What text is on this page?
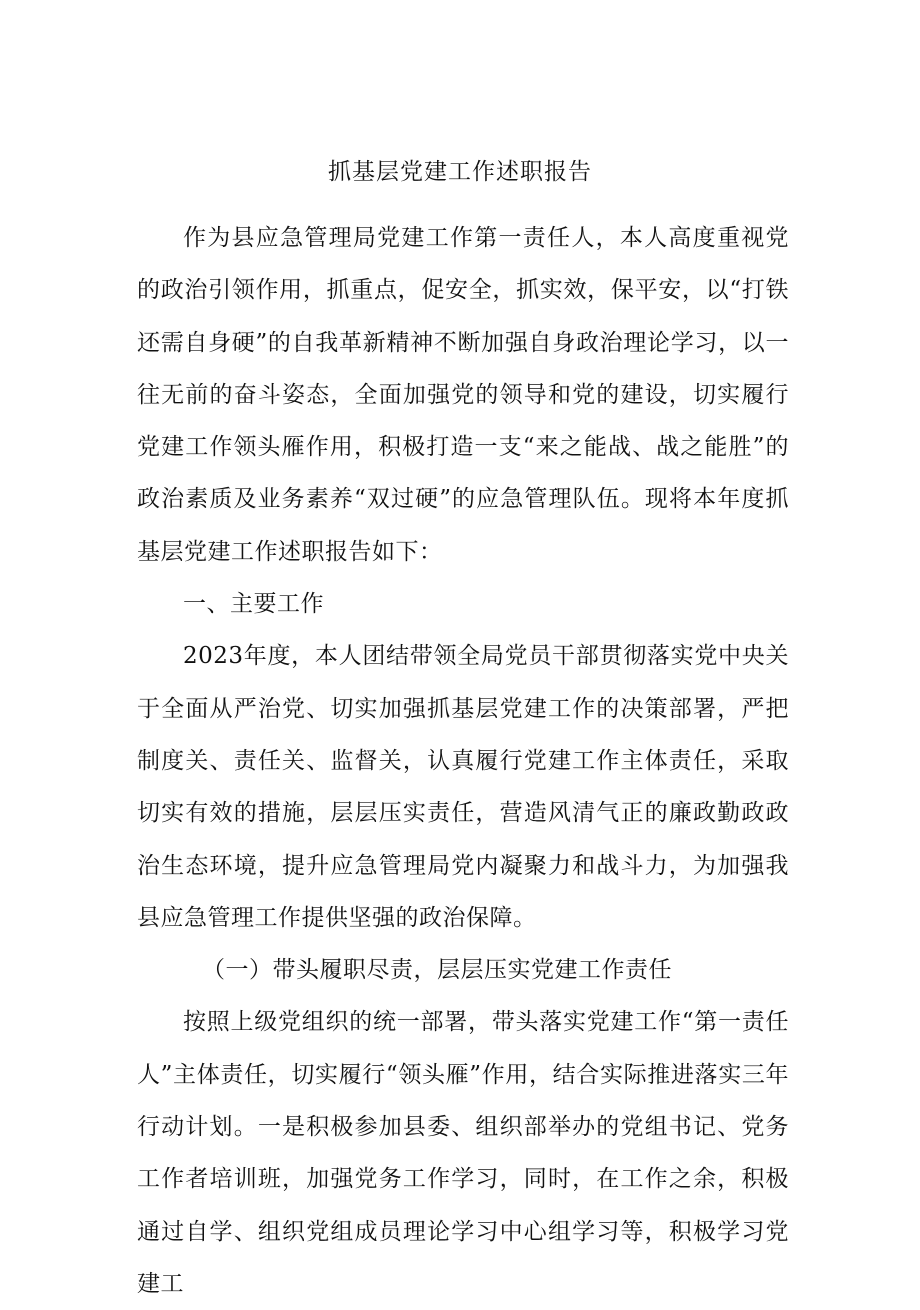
抓基层党建工作述职报告

作为县应急管理局党建工作第一责任人，本人高度重视党的政治引领作用，抓重点，促安全，抓实效，保平安，以“打铁还需自身硬”的自我革新精神不断加强自身政治理论学习，以一往无前的奋斗姿态，全面加强党的领导和党的建设，切实履行党建工作领头雁作用，积极打造一支“来之能战、战之能胜”的政治素质及业务素养“双过硬”的应急管理队伍。现将本年度抓基层党建工作述职报告如下：

一、主要工作

2023年度，本人团结带领全局党员干部贯彻落实党中央关于全面从严治党、切实加强抓基层党建工作的决策部署，严把制度关、责任关、监督关，认真履行党建工作主体责任，采取切实有效的措施，层层压实责任，营造风清气正的廉政勤政政治生态环境，提升应急管理局党内凝聚力和战斗力，为加强我县应急管理工作提供坚强的政治保障。

（一）带头履职尽责，层层压实党建工作责任

按照上级党组织的统一部署，带头落实党建工作“第一责任人”主体责任，切实履行“领头雁”作用，结合实际推进落实三年行动计划。一是积极参加县委、组织部举办的党组书记、党务工作者培训班，加强党务工作学习，同时，在工作之余，积极通过自学、组织党组成员理论学习中心组学习等，积极学习党建工
